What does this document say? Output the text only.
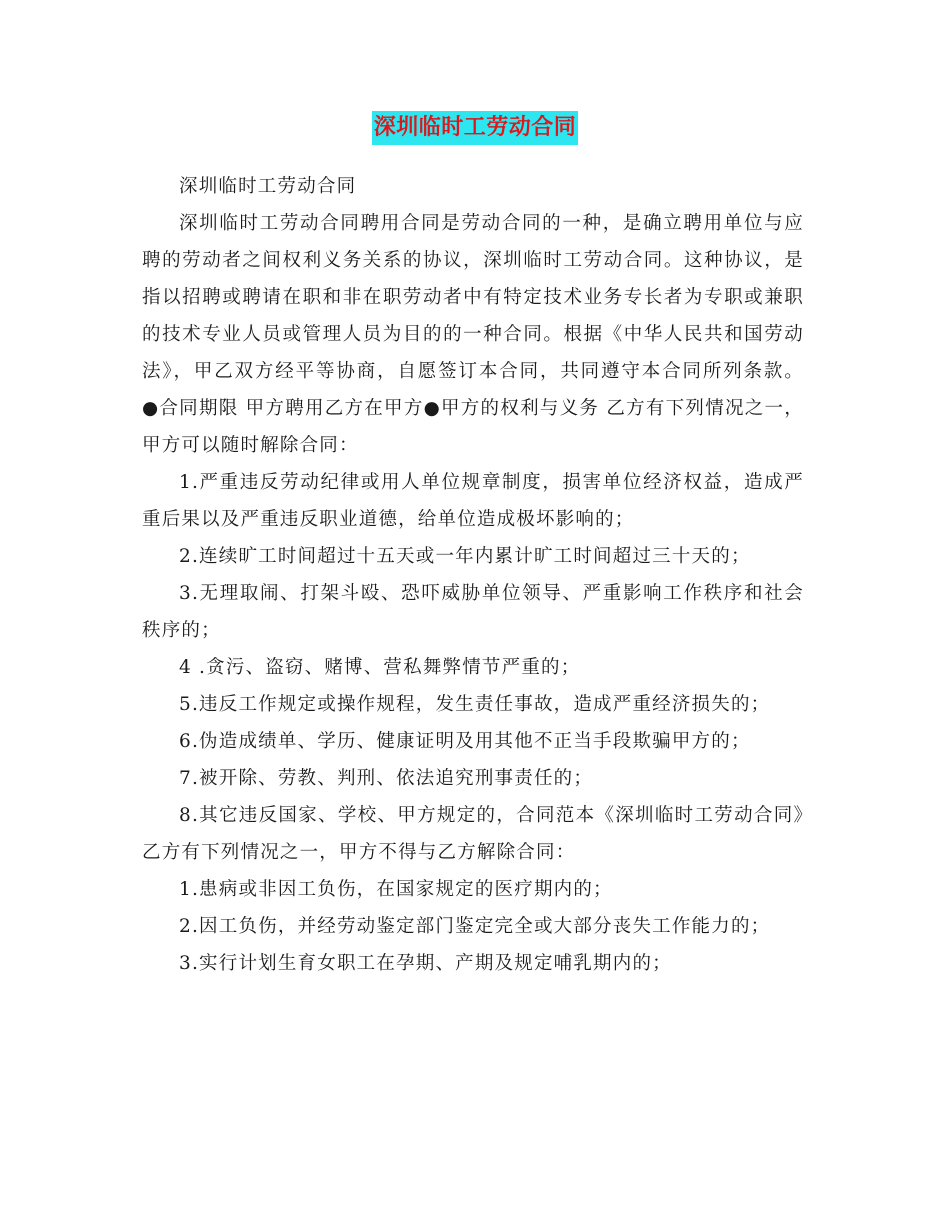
深圳临时工劳动合同

深圳临时工劳动合同

深圳临时工劳动合同聘用合同是劳动合同的一种，是确立聘用单位与应聘的劳动者之间权利义务关系的协议，深圳临时工劳动合同。这种协议，是指以招聘或聘请在职和非在职劳动者中有特定技术业务专长者为专职或兼职的技术专业人员或管理人员为目的的一种合同。根据《中华人民共和国劳动法》，甲乙双方经平等协商，自愿签订本合同，共同遵守本合同所列条款。 ●合同期限 甲方聘用乙方在甲方●甲方的权利与义务 乙方有下列情况之一，甲方可以随时解除合同：

1.严重违反劳动纪律或用人单位规章制度，损害单位经济权益，造成严重后果以及严重违反职业道德，给单位造成极坏影响的；

2.连续旷工时间超过十五天或一年内累计旷工时间超过三十天的；

3.无理取闹、打架斗殴、恐吓威胁单位领导、严重影响工作秩序和社会秩序的；

4 .贪污、盗窃、赌博、营私舞弊情节严重的；

5.违反工作规定或操作规程，发生责任事故，造成严重经济损失的；

6.伪造成绩单、学历、健康证明及用其他不正当手段欺骗甲方的；

7.被开除、劳教、判刑、依法追究刑事责任的；

8.其它违反国家、学校、甲方规定的，合同范本《深圳临时工劳动合同》乙方有下列情况之一，甲方不得与乙方解除合同：

1.患病或非因工负伤，在国家规定的医疗期内的；

2.因工负伤，并经劳动鉴定部门鉴定完全或大部分丧失工作能力的；

3.实行计划生育女职工在孕期、产期及规定哺乳期内的；
